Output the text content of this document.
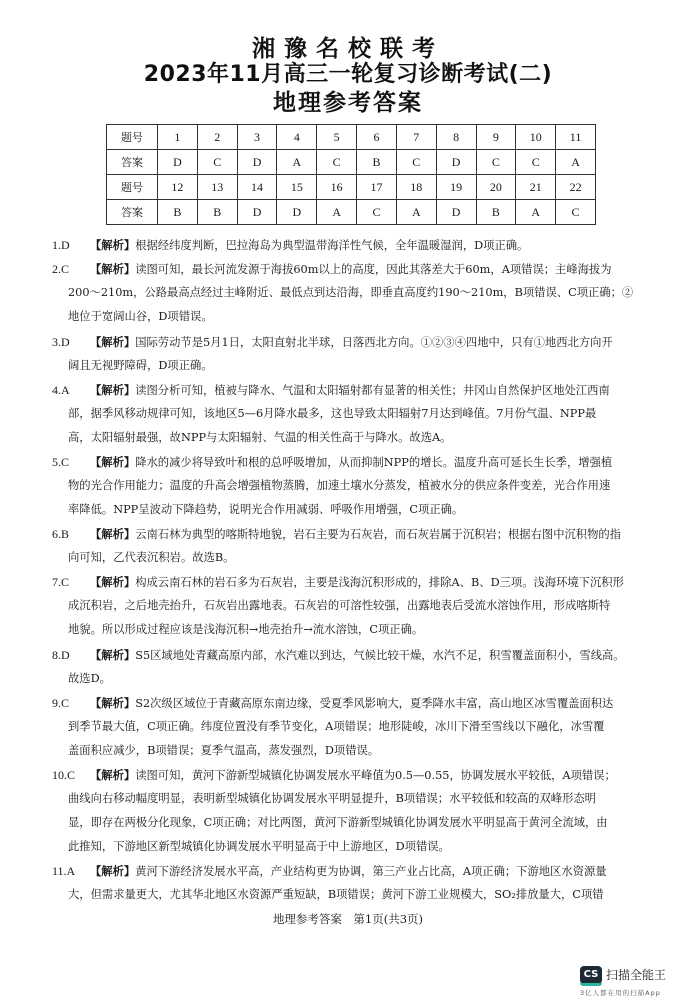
湘豫名校联考
2023年11月高三一轮复习诊断考试(二)
地理参考答案
题号	1	2	3	4	5	6	7	8	9	10	11
答案	D	C	D	A	C	B	C	D	C	C	A
题号	12	13	14	15	16	17	18	19	20	21	22
答案	B	B	D	D	A	C	A	D	B	A	C
1.D 【解析】根据经纬度判断，巴拉海岛为典型温带海洋性气候，全年温暖湿润，D项正确。
2.C 【解析】读图可知，最长河流发源于海拔60m以上的高度，因此其落差大于60m，A项错误；主峰海拔为
200～210m，公路最高点经过主峰附近、最低点到达沿海，即垂直高度约190～210m，B项错误、C项正确；②
地位于宽阔山谷，D项错误。
3.D 【解析】国际劳动节是5月1日，太阳直射北半球，日落西北方向。①②③④四地中，只有①地西北方向开
阔且无视野障碍，D项正确。
4.A 【解析】读图分析可知，植被与降水、气温和太阳辐射都有显著的相关性；井冈山自然保护区地处江西南
部，据季风移动规律可知，该地区5—6月降水最多，这也导致太阳辐射7月达到峰值。7月份气温、NPP最
高，太阳辐射最强，故NPP与太阳辐射、气温的相关性高于与降水。故选A。
5.C 【解析】降水的减少将导致叶和根的总呼吸增加，从而抑制NPP的增长。温度升高可延长生长季，增强植
物的光合作用能力；温度的升高会增强植物蒸腾，加速土壤水分蒸发，植被水分的供应条件变差，光合作用速
率降低。NPP呈波动下降趋势，说明光合作用减弱、呼吸作用增强，C项正确。
6.B 【解析】云南石林为典型的喀斯特地貌，岩石主要为石灰岩，而石灰岩属于沉积岩；根据右图中沉积物的指
向可知，乙代表沉积岩。故选B。
7.C 【解析】构成云南石林的岩石多为石灰岩，主要是浅海沉积形成的，排除A、B、D三项。浅海环境下沉积形
成沉积岩，之后地壳抬升，石灰岩出露地表。石灰岩的可溶性较强，出露地表后受流水溶蚀作用，形成喀斯特
地貌。所以形成过程应该是浅海沉积→地壳抬升→流水溶蚀，C项正确。
8.D 【解析】S5区域地处青藏高原内部，水汽难以到达，气候比较干燥，水汽不足，积雪覆盖面积小，雪线高。
故选D。
9.C 【解析】S2次级区域位于青藏高原东南边缘，受夏季风影响大，夏季降水丰富，高山地区冰雪覆盖面积达
到季节最大值，C项正确。纬度位置没有季节变化，A项错误；地形陡峻，冰川下滑至雪线以下融化，冰雪覆
盖面积应减少，B项错误；夏季气温高，蒸发强烈，D项错误。
10.C 【解析】读图可知，黄河下游新型城镇化协调发展水平峰值为0.5—0.55，协调发展水平较低，A项错误；
曲线向右移动幅度明显，表明新型城镇化协调发展水平明显提升，B项错误；水平较低和较高的双峰形态明
显，即存在两极分化现象，C项正确；对比两图，黄河下游新型城镇化协调发展水平明显高于黄河全流域，由
此推知，下游地区新型城镇化协调发展水平明显高于中上游地区，D项错误。
11.A 【解析】黄河下游经济发展水平高，产业结构更为协调，第三产业占比高，A项正确；下游地区水资源量
大，但需求量更大，尤其华北地区水资源严重短缺，B项错误；黄河下游工业规模大，SO₂排放量大，C项错
地理参考答案　第1页(共3页)
CS 扫描全能王
3亿人都在用的扫描App
